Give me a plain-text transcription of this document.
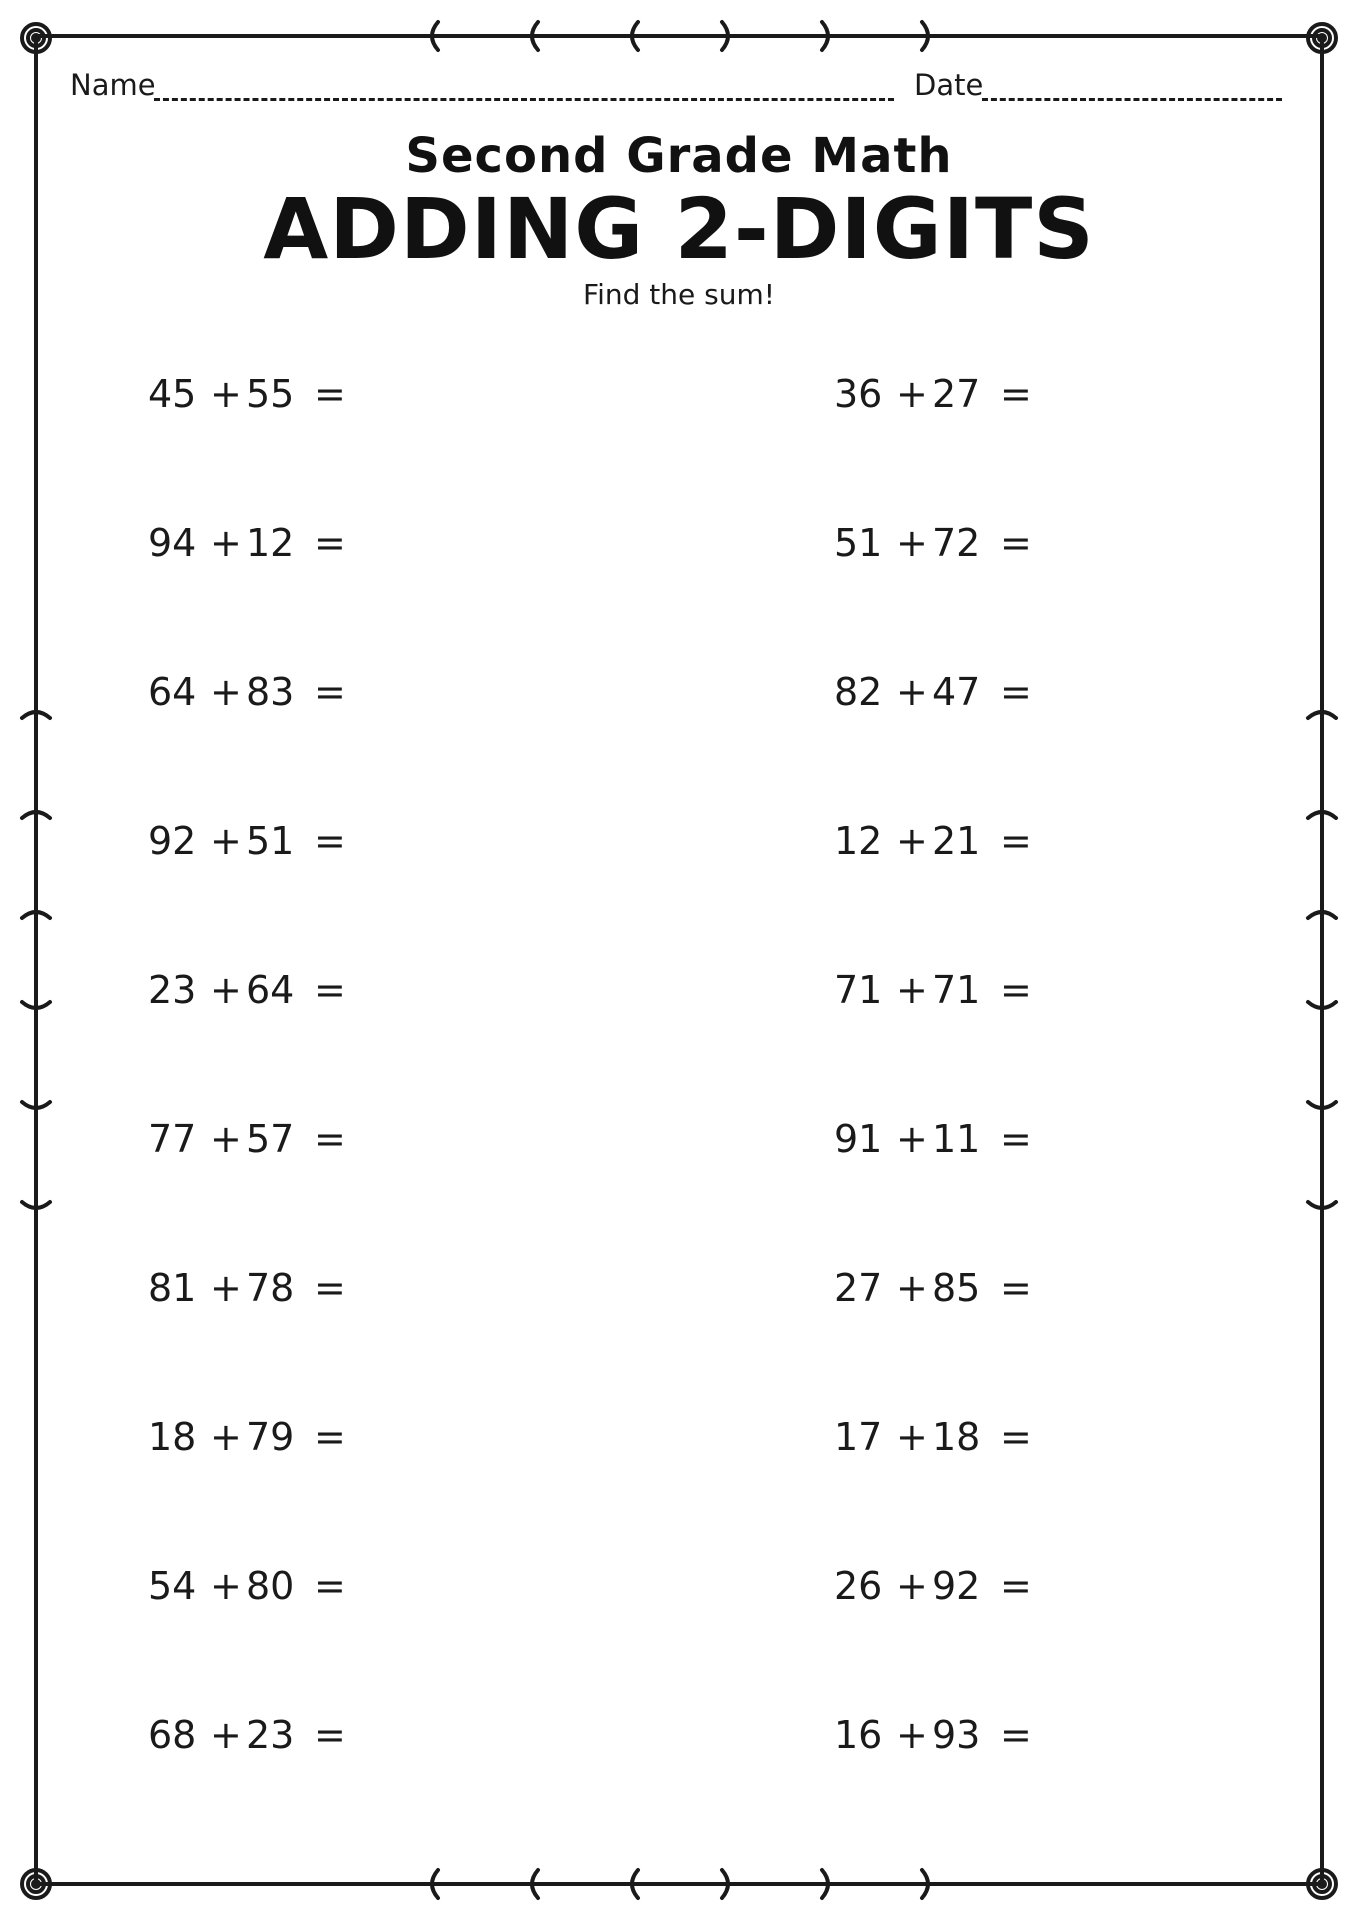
Name	Date
Second Grade Math
ADDING 2-DIGITS
Find the sum!
45 + 55 =
94 + 12 =
64 + 83 =
92 + 51 =
23 + 64 =
77 + 57 =
81 + 78 =
18 + 79 =
54 + 80 =
68 + 23 =
36 + 27 =
51 + 72 =
82 + 47 =
12 + 21 =
71 + 71 =
91 + 11 =
27 + 85 =
17 + 18 =
26 + 92 =
16 + 93 =
